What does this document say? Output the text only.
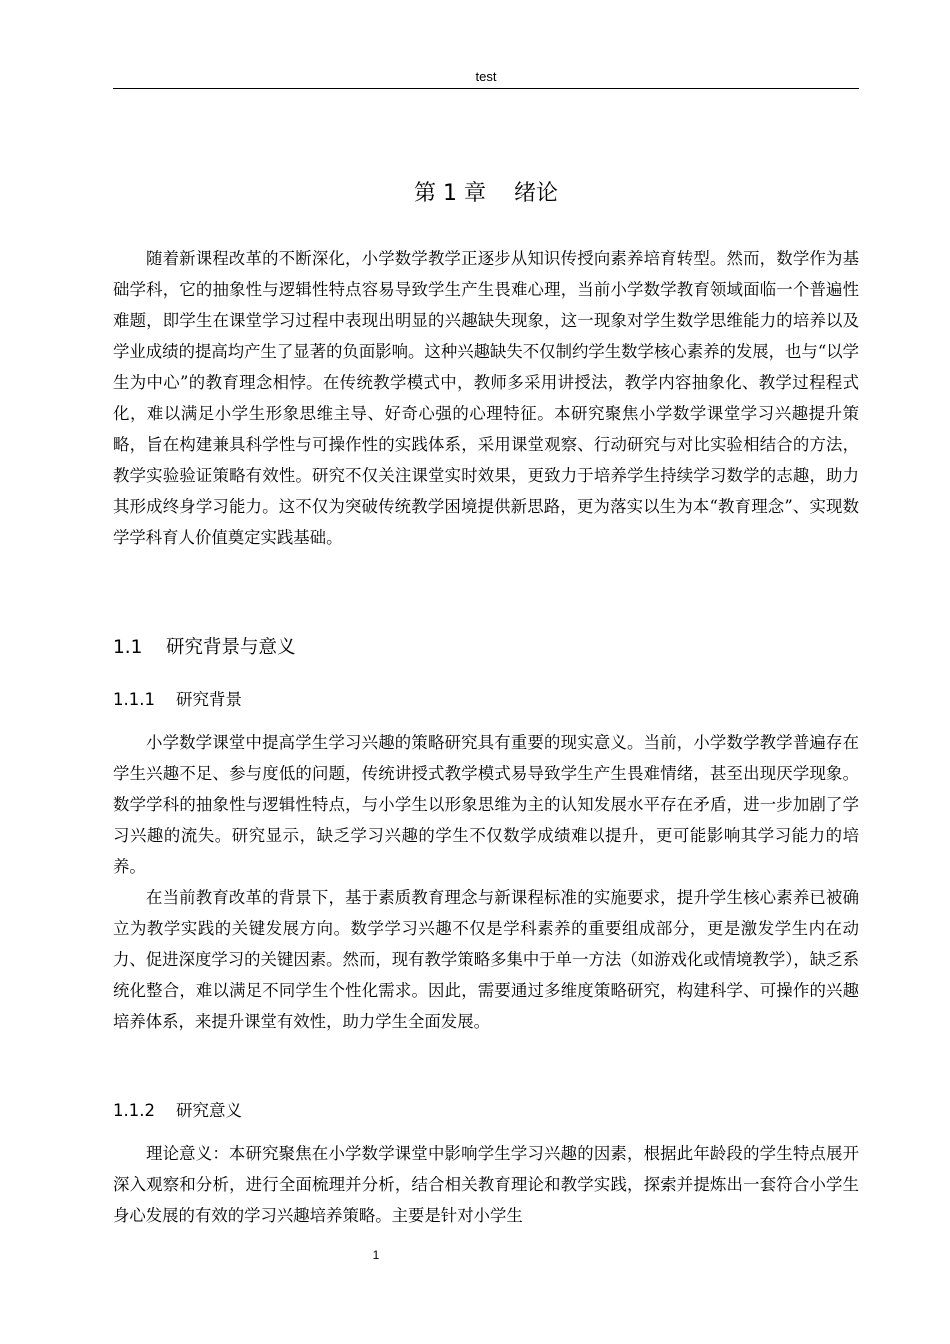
test
第 1 章    绪论

随着新课程改革的不断深化，小学数学教学正逐步从知识传授向素养培育转型。然而，数学作为基础学科，它的抽象性与逻辑性特点容易导致学生产生畏难心理，当前小学数学教育领域面临一个普遍性难题，即学生在课堂学习过程中表现出明显的兴趣缺失现象，这一现象对学生数学思维能力的培养以及学业成绩的提高均产生了显著的负面影响。这种兴趣缺失不仅制约学生数学核心素养的发展，也与“以学生为中心”的教育理念相悖。在传统教学模式中，教师多采用讲授法，教学内容抽象化、教学过程程式化，难以满足小学生形象思维主导、好奇心强的心理特征。本研究聚焦小学数学课堂学习兴趣提升策略，旨在构建兼具科学性与可操作性的实践体系，采用课堂观察、行动研究与对比实验相结合的方法，教学实验验证策略有效性。研究不仅关注课堂实时效果，更致力于培养学生持续学习数学的志趣，助力其形成终身学习能力。这不仅为突破传统教学困境提供新思路，更为落实以生为本“教育理念”、实现数学学科育人价值奠定实践基础。

1.1    研究背景与意义
1.1.1    研究背景

小学数学课堂中提高学生学习兴趣的策略研究具有重要的现实意义。当前，小学数学教学普遍存在学生兴趣不足、参与度低的问题，传统讲授式教学模式易导致学生产生畏难情绪，甚至出现厌学现象。数学学科的抽象性与逻辑性特点，与小学生以形象思维为主的认知发展水平存在矛盾，进一步加剧了学习兴趣的流失。研究显示，缺乏学习兴趣的学生不仅数学成绩难以提升，更可能影响其学习能力的培养。

在当前教育改革的背景下，基于素质教育理念与新课程标准的实施要求，提升学生核心素养已被确立为教学实践的关键发展方向。数学学习兴趣不仅是学科素养的重要组成部分，更是激发学生内在动力、促进深度学习的关键因素。然而，现有教学策略多集中于单一方法（如游戏化或情境教学），缺乏系统化整合，难以满足不同学生个性化需求。因此，需要通过多维度策略研究，构建科学、可操作的兴趣培养体系，来提升课堂有效性，助力学生全面发展。

1.1.2    研究意义

理论意义：本研究聚焦在小学数学课堂中影响学生学习兴趣的因素，根据此年龄段的学生特点展开深入观察和分析，进行全面梳理并分析，结合相关教育理论和教学实践，探索并提炼出一套符合小学生身心发展的有效的学习兴趣培养策略。主要是针对小学生

1
